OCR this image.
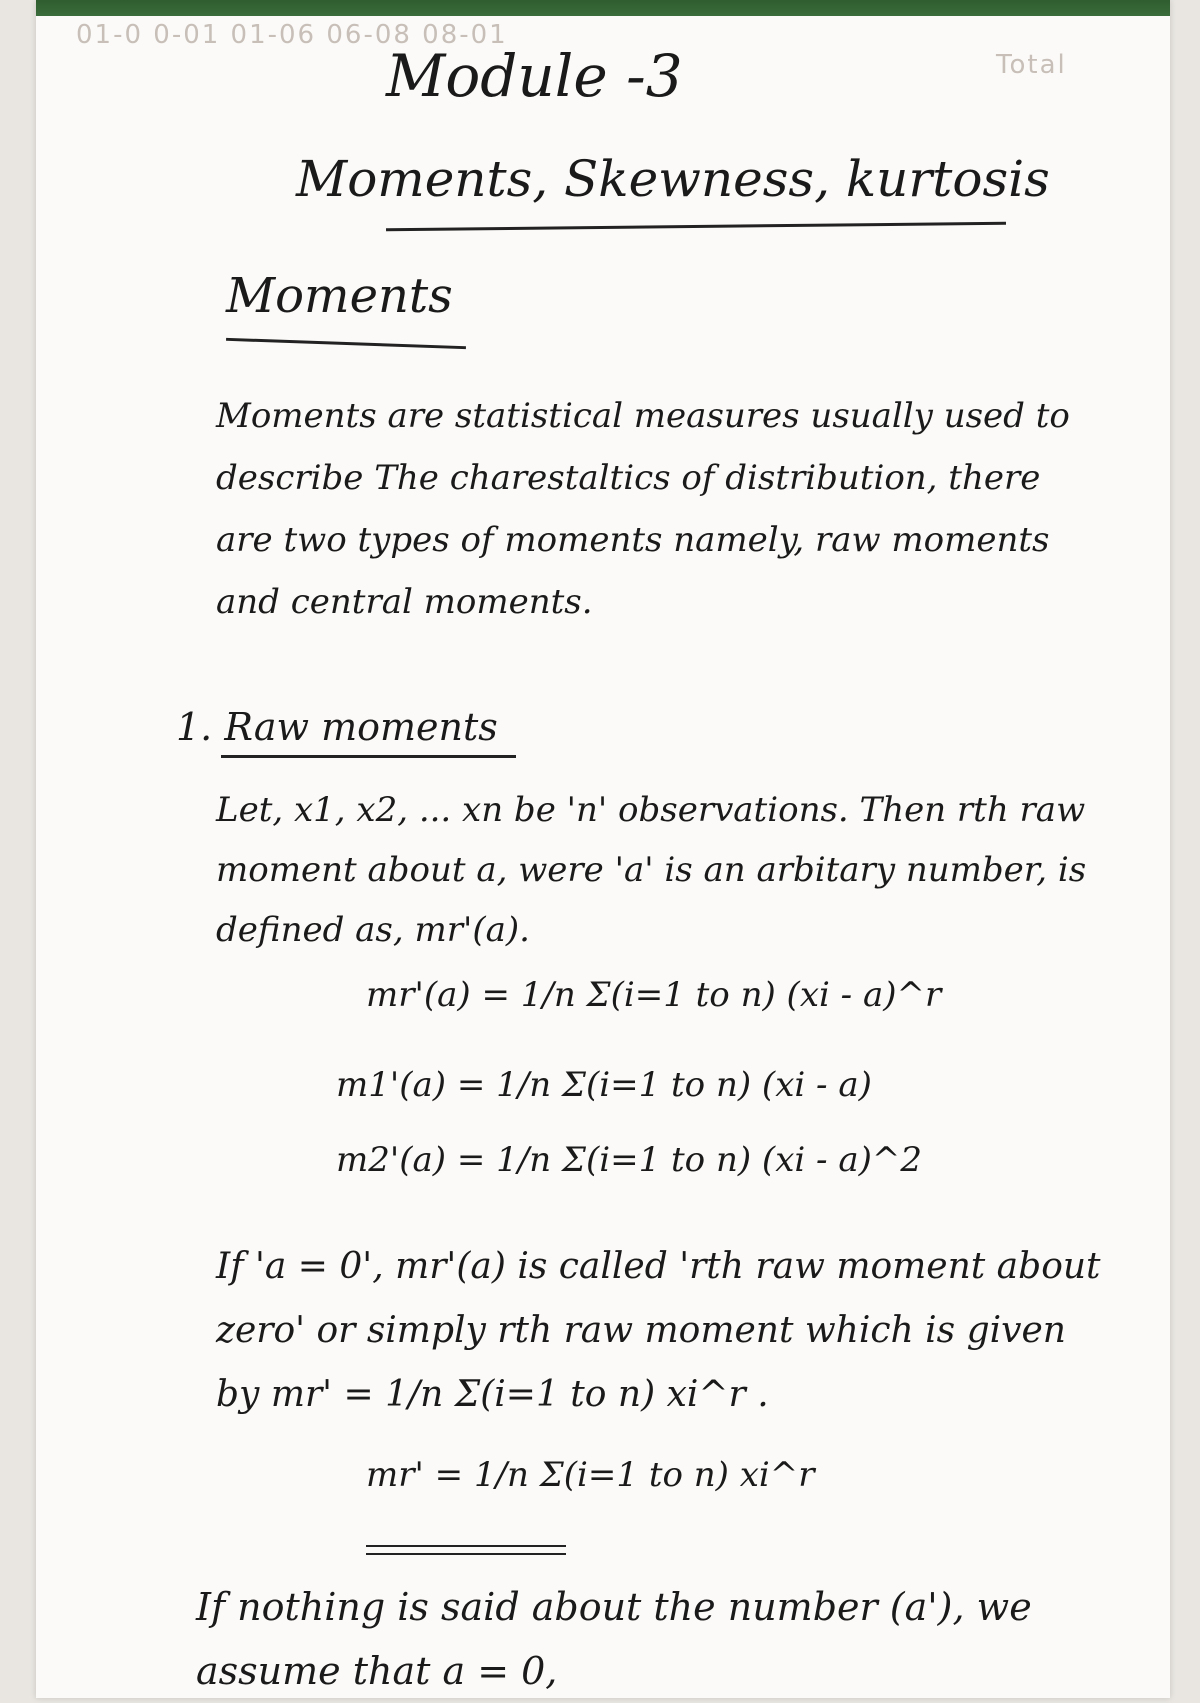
01-0 0-01 01-06 06-08 08-01
Total
Module -3
Moments, Skewness, kurtosis
Moments
Moments are statistical measures usually used to describe The charestaltics of distribution, there are two types of moments namely, raw moments and central moments.
1. Raw moments
Let, x1, x2, ... xn be 'n' observations. Then rth raw moment about a, were 'a' is an arbitary number, is defined as, mr'(a).
mr'(a) = 1/n Σ(i=1 to n) (xi - a)^r
m1'(a) = 1/n Σ(i=1 to n) (xi - a)
m2'(a) = 1/n Σ(i=1 to n) (xi - a)^2
If 'a = 0', mr'(a) is called 'rth raw moment about zero' or simply rth raw moment which is given by mr' = 1/n Σ(i=1 to n) xi^r .
mr' = 1/n Σ(i=1 to n) xi^r
If nothing is said about the number (a'), we assume that a = 0,
